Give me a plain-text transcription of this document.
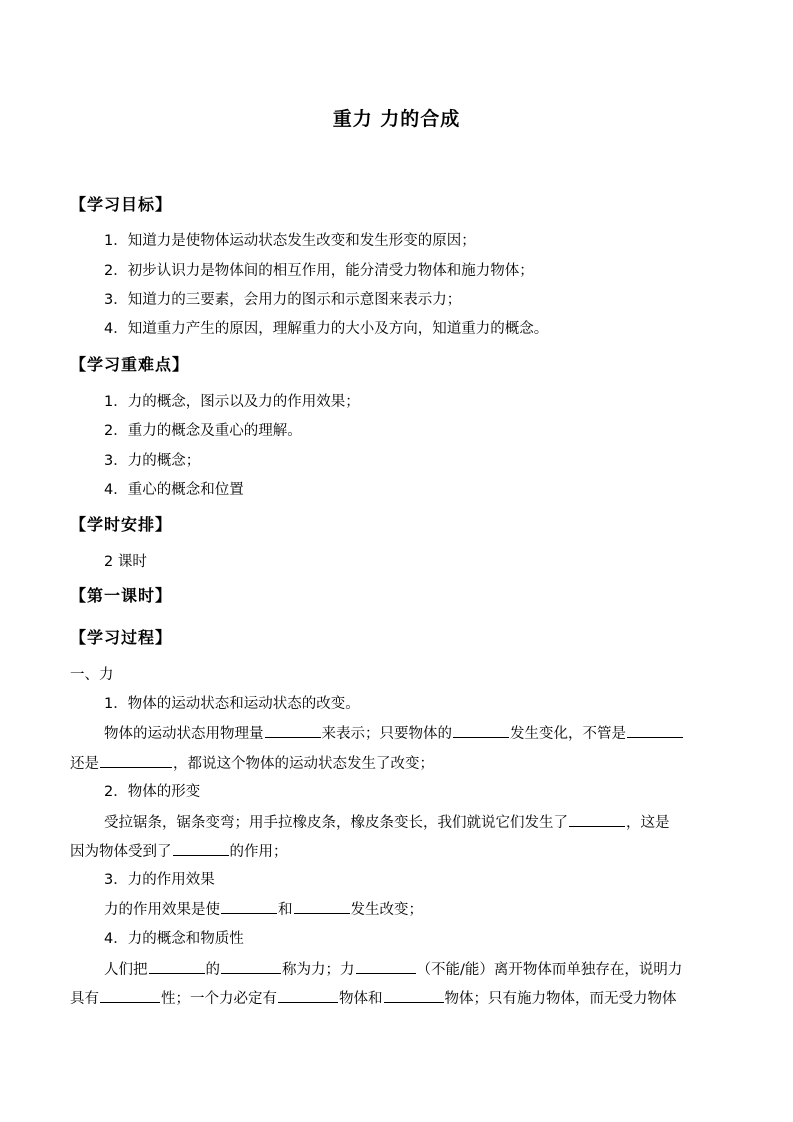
重力 力的合成
【学习目标】
1．知道力是使物体运动状态发生改变和发生形变的原因；
2．初步认识力是物体间的相互作用，能分清受力物体和施力物体；
3．知道力的三要素，会用力的图示和示意图来表示力；
4．知道重力产生的原因，理解重力的大小及方向，知道重力的概念。
【学习重难点】
1．力的概念，图示以及力的作用效果；
2．重力的概念及重心的理解。
3．力的概念；
4．重心的概念和位置
【学时安排】
2 课时
【第一课时】
【学习过程】
一、力
1．物体的运动状态和运动状态的改变。
物体的运动状态用物理量	来表示；只要物体的	发生变化，不管是
还是	，都说这个物体的运动状态发生了改变；
2．物体的形变
受拉锯条，锯条变弯；用手拉橡皮条，橡皮条变长，我们就说它们发生了	，这是
因为物体受到了	的作用；
3．力的作用效果
力的作用效果是使	和	发生改变；
4．力的概念和物质性
人们把	的	称为力；力	（不能/能）离开物体而单独存在，说明力
具有	性；一个力必定有	物体和	物体；只有施力物体，而无受力物体
